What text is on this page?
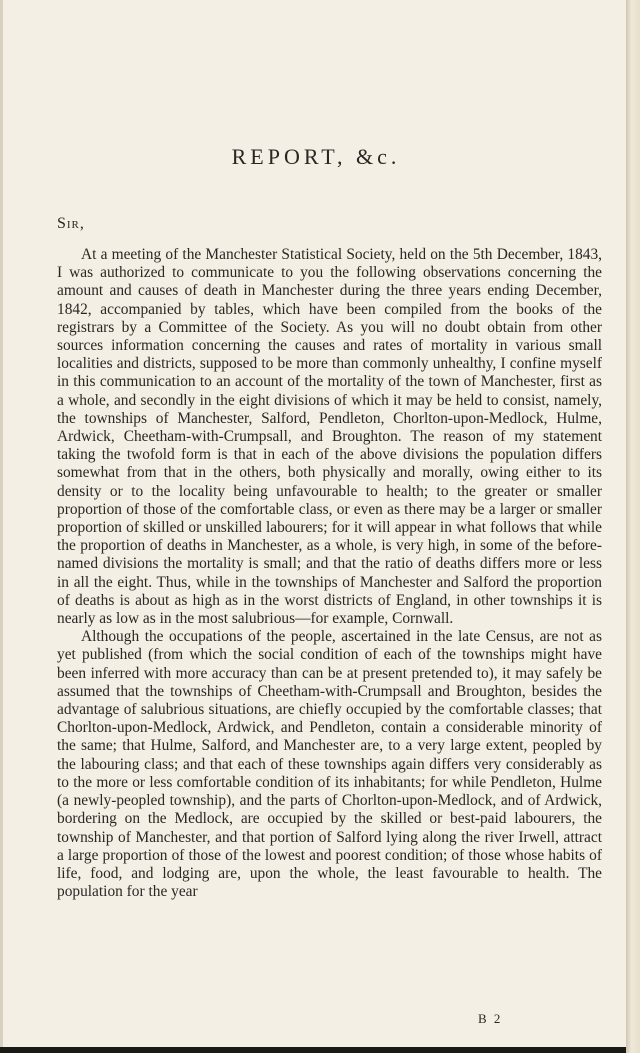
REPORT, &c.
Sir,

At a meeting of the Manchester Statistical Society, held on the 5th December, 1843, I was authorized to communicate to you the following observations concerning the amount and causes of death in Manchester during the three years ending December, 1842, accompanied by tables, which have been compiled from the books of the registrars by a Committee of the Society. As you will no doubt obtain from other sources information concerning the causes and rates of mortality in various small localities and districts, supposed to be more than commonly unhealthy, I confine myself in this communication to an account of the mortality of the town of Manchester, first as a whole, and secondly in the eight divisions of which it may be held to consist, namely, the townships of Manchester, Salford, Pendleton, Chorlton-upon-Medlock, Hulme, Ardwick, Cheetham-with-Crumpsall, and Broughton. The reason of my statement taking the twofold form is that in each of the above divisions the population differs somewhat from that in the others, both physically and morally, owing either to its density or to the locality being unfavourable to health; to the greater or smaller proportion of those of the comfortable class, or even as there may be a larger or smaller proportion of skilled or unskilled labourers; for it will appear in what follows that while the proportion of deaths in Manchester, as a whole, is very high, in some of the before-named divisions the mortality is small; and that the ratio of deaths differs more or less in all the eight. Thus, while in the townships of Manchester and Salford the proportion of deaths is about as high as in the worst districts of England, in other townships it is nearly as low as in the most salubrious—for example, Cornwall.

Although the occupations of the people, ascertained in the late Census, are not as yet published (from which the social condition of each of the townships might have been inferred with more accuracy than can be at present pretended to), it may safely be assumed that the townships of Cheetham-with-Crumpsall and Broughton, besides the advantage of salubrious situations, are chiefly occupied by the comfortable classes; that Chorlton-upon-Medlock, Ardwick, and Pendleton, contain a considerable minority of the same; that Hulme, Salford, and Manchester are, to a very large extent, peopled by the labouring class; and that each of these townships again differs very considerably as to the more or less comfortable condition of its inhabitants; for while Pendleton, Hulme (a newly-peopled township), and the parts of Chorlton-upon-Medlock, and of Ardwick, bordering on the Medlock, are occupied by the skilled or best-paid labourers, the township of Manchester, and that portion of Salford lying along the river Irwell, attract a large proportion of those of the lowest and poorest condition; of those whose habits of life, food, and lodging are, upon the whole, the least favourable to health. The population for the year

B 2
